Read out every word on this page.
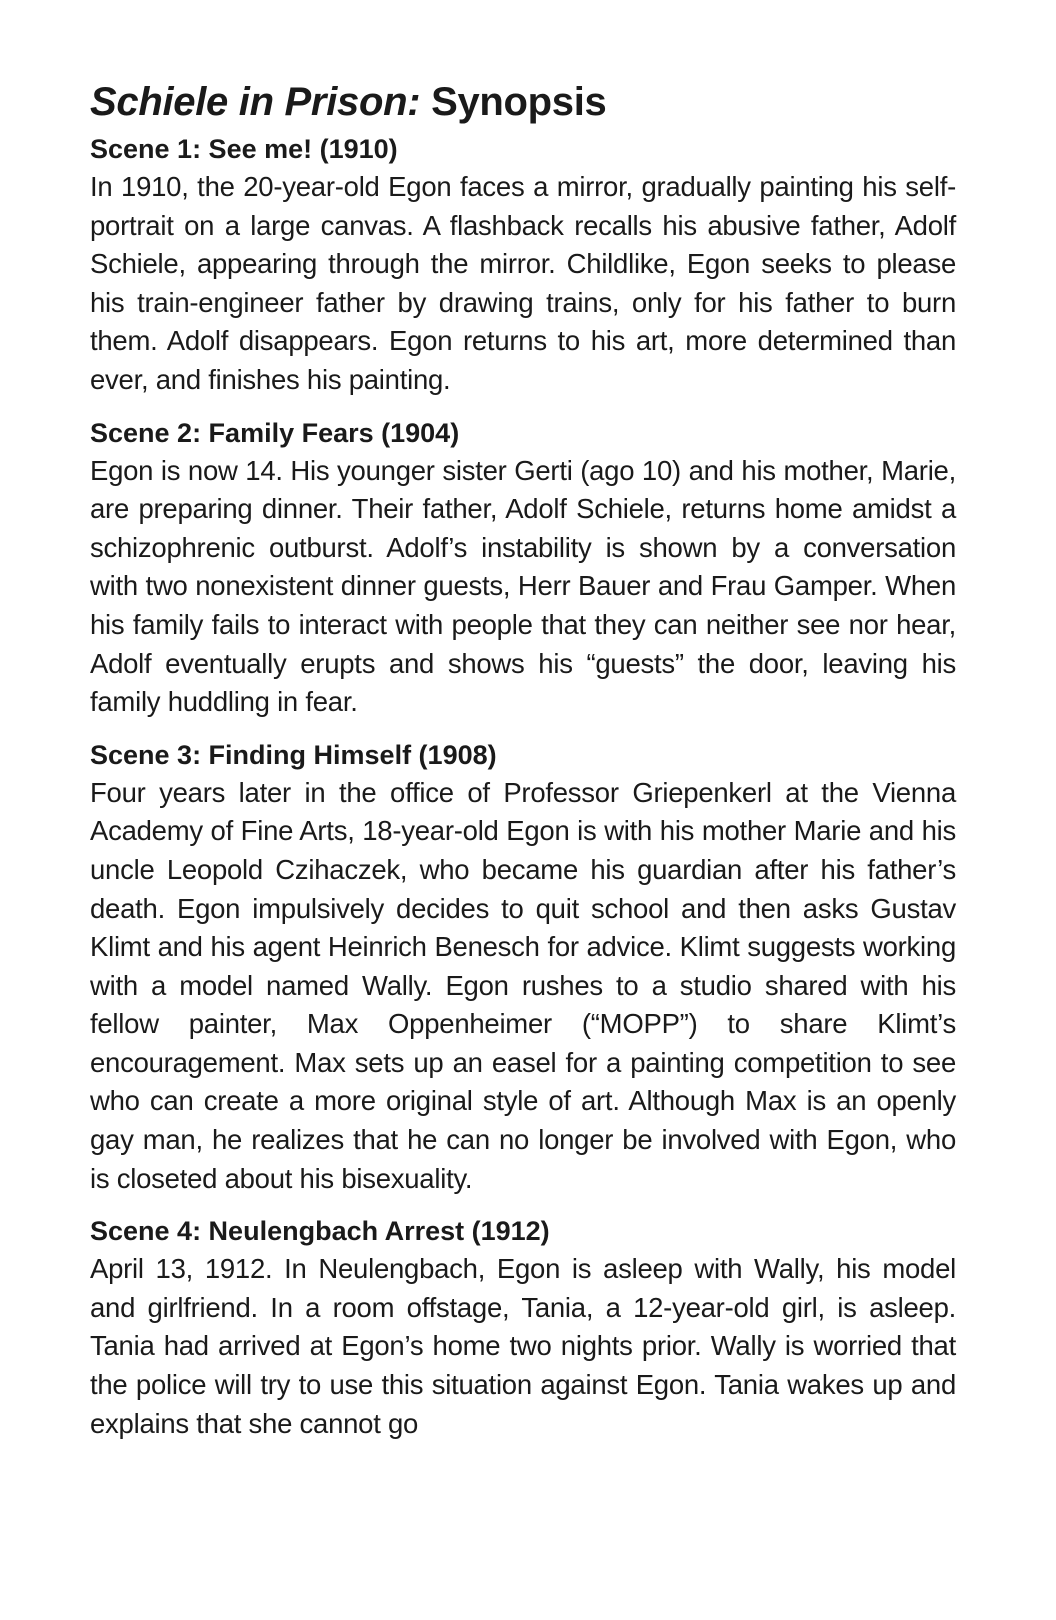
Schiele in Prison: Synopsis
Scene 1: See me! (1910)

In 1910, the 20-year-old Egon faces a mirror, gradually painting his self-portrait on a large canvas. A flashback recalls his abusive father, Adolf Schiele, appearing through the mirror. Childlike, Egon seeks to please his train-engineer father by drawing trains, only for his father to burn them. Adolf disappears. Egon returns to his art, more determined than ever, and finishes his painting.

Scene 2: Family Fears (1904)

Egon is now 14. His younger sister Gerti (ago 10) and his mother, Marie, are preparing dinner. Their father, Adolf Schiele, returns home amidst a schizophrenic outburst. Adolf’s instability is shown by a conversation with two nonexistent dinner guests, Herr Bauer and Frau Gamper. When his family fails to interact with people that they can neither see nor hear, Adolf eventually erupts and shows his “guests” the door, leaving his family huddling in fear.

Scene 3: Finding Himself (1908)

Four years later in the office of Professor Griepenkerl at the Vienna Academy of Fine Arts, 18-year-old Egon is with his mother Marie and his uncle Leopold Czihaczek, who became his guardian after his father’s death. Egon impulsively decides to quit school and then asks Gustav Klimt and his agent Heinrich Benesch for advice. Klimt suggests working with a model named Wally. Egon rushes to a studio shared with his fellow painter, Max Oppenheimer (“MOPP”) to share Klimt’s encouragement. Max sets up an easel for a painting competition to see who can create a more original style of art. Although Max is an openly gay man, he realizes that he can no longer be involved with Egon, who is closeted about his bisexuality.

Scene 4: Neulengbach Arrest (1912)

April 13, 1912. In Neulengbach, Egon is asleep with Wally, his model and girlfriend. In a room offstage, Tania, a 12-year-old girl, is asleep. Tania had arrived at Egon’s home two nights prior. Wally is worried that the police will try to use this situation against Egon. Tania wakes up and explains that she cannot go
